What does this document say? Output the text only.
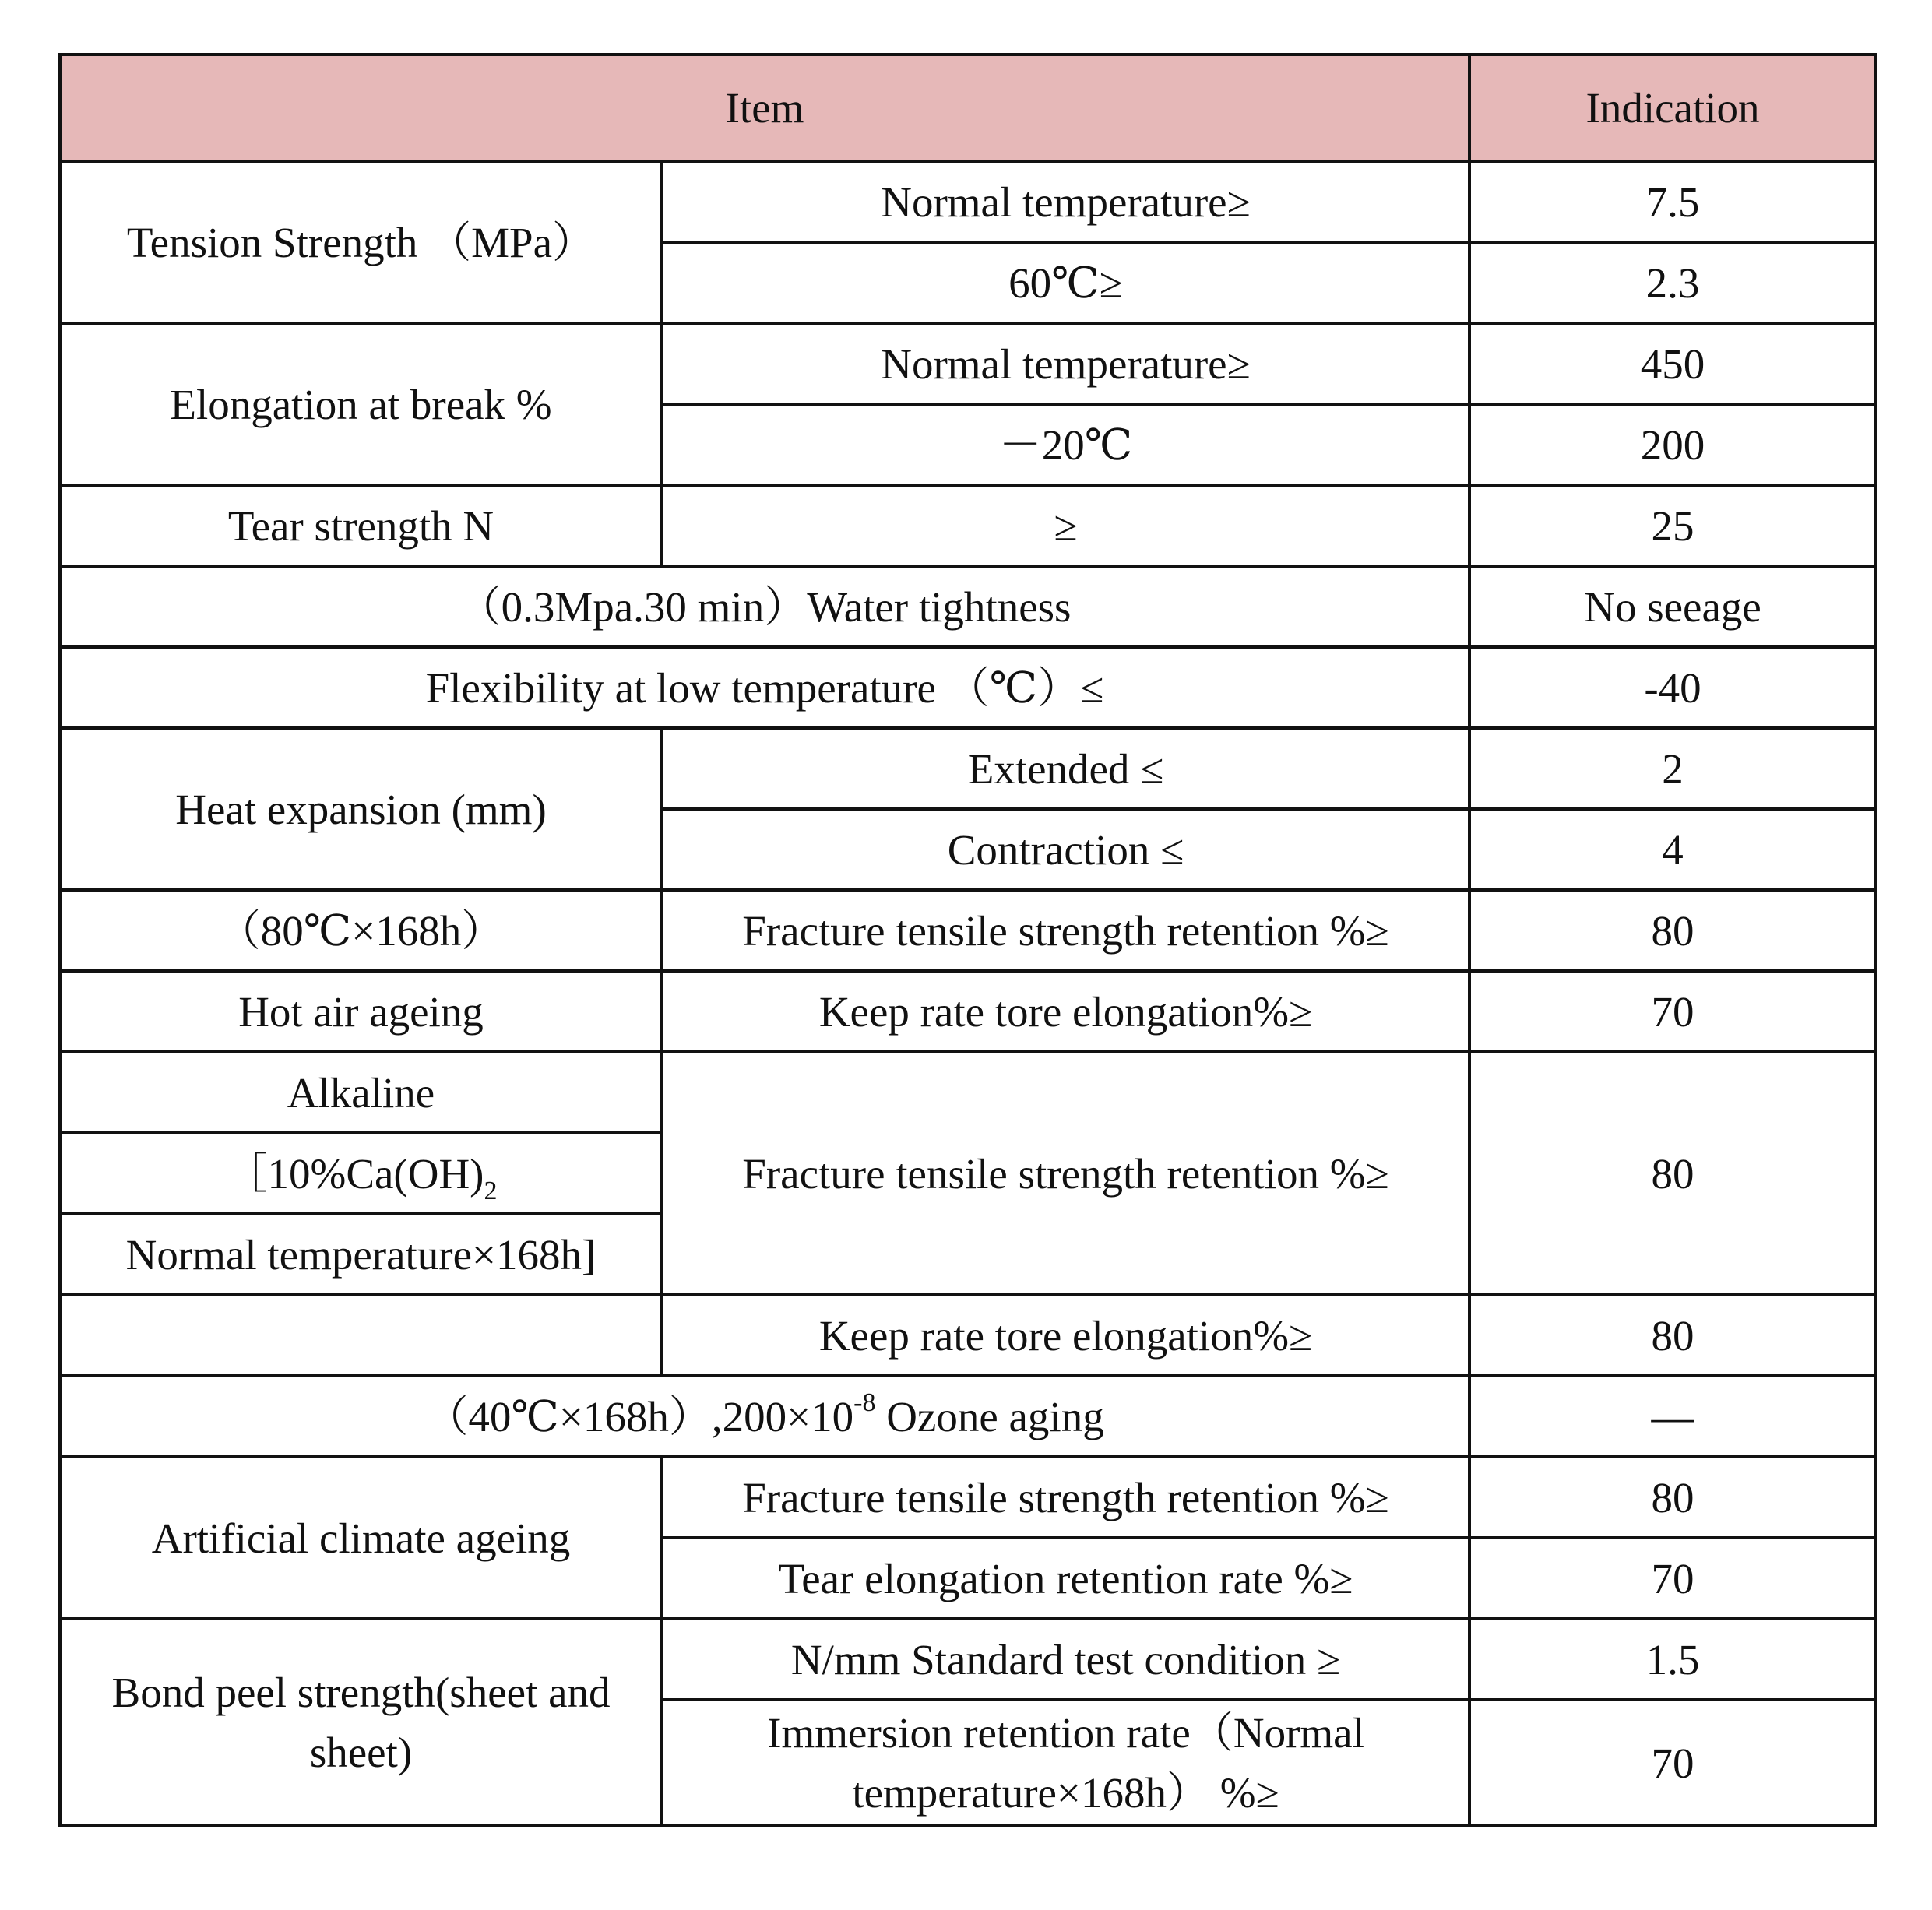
Item		Indication
Tension Strength （MPa）	Normal temperature≥	7.5
	60℃≥	2.3
Elongation at break %	Normal temperature≥	450
	－20℃	200
Tear strength N	≥	25
（0.3Mpa.30 min）Water tightness		No seeage
Flexibility at low temperature （℃）≤		-40
Heat expansion (mm)	Extended ≤	2
	Contraction ≤	4
（80℃×168h）	Fracture tensile strength retention %≥	80
Hot air ageing	Keep rate tore elongation%≥	70
Alkaline	Fracture tensile strength retention %≥	80
$[10\%Ca(OH)_2$
Normal temperature×168h]		
	Keep rate tore elongation%≥	80
$(40℃\times 168h),200\times 10^{-8}$ Ozone aging		—
Artificial climate ageing	Fracture tensile strength retention %≥	80
	Tear elongation retention rate %≥	70
Bond peel strength(sheet and sheet)	N/mm Standard test condition ≥	1.5
	Immersion retention rate（Normal temperature×168h） %≥	70
